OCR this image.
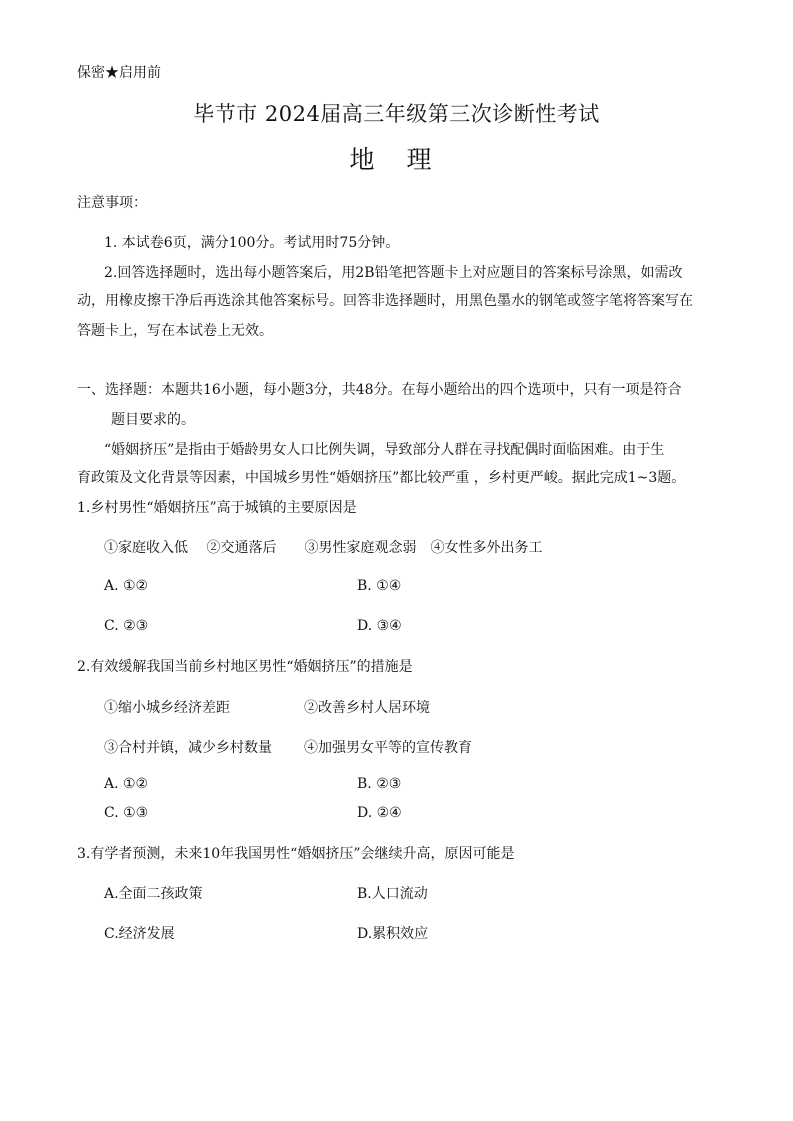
保密★启用前
毕节市 2024届高三年级第三次诊断性考试
地 理
注意事项：
1. 本试卷6页，满分100分。考试用时75分钟。
2.回答选择题时，选出每小题答案后，用2B铅笔把答题卡上对应题目的答案标号涂黑，如需改
动，用橡皮擦干净后再选涂其他答案标号。回答非选择题时，用黑色墨水的钢笔或签字笔将答案写在
答题卡上，写在本试卷上无效。
一、选择题：本题共16小题，每小题3分，共48分。在每小题给出的四个选项中，只有一项是符合
题目要求的。
“婚姻挤压”是指由于婚龄男女人口比例失调，导致部分人群在寻找配偶时面临困难。由于生
育政策及文化背景等因素，中国城乡男性“婚姻挤压”都比较严重 ，乡村更严峻。据此完成1~3题。
1.乡村男性“婚姻挤压”高于城镇的主要原因是
①家庭收入低　 ②交通落后　　③男性家庭观念弱　④女性多外出务工
A. ①②	B. ①④
C. ②③	D. ③④
2.有效缓解我国当前乡村地区男性“婚姻挤压”的措施是
①缩小城乡经济差距	②改善乡村人居环境
③合村并镇，减少乡村数量 ④加强男女平等的宣传教育
A. ①②	B. ②③
C. ①③	D. ②④
3.有学者预测，未来10年我国男性“婚姻挤压”会继续升高，原因可能是
A.全面二孩政策	B.人口流动
C.经济发展	D.累积效应
